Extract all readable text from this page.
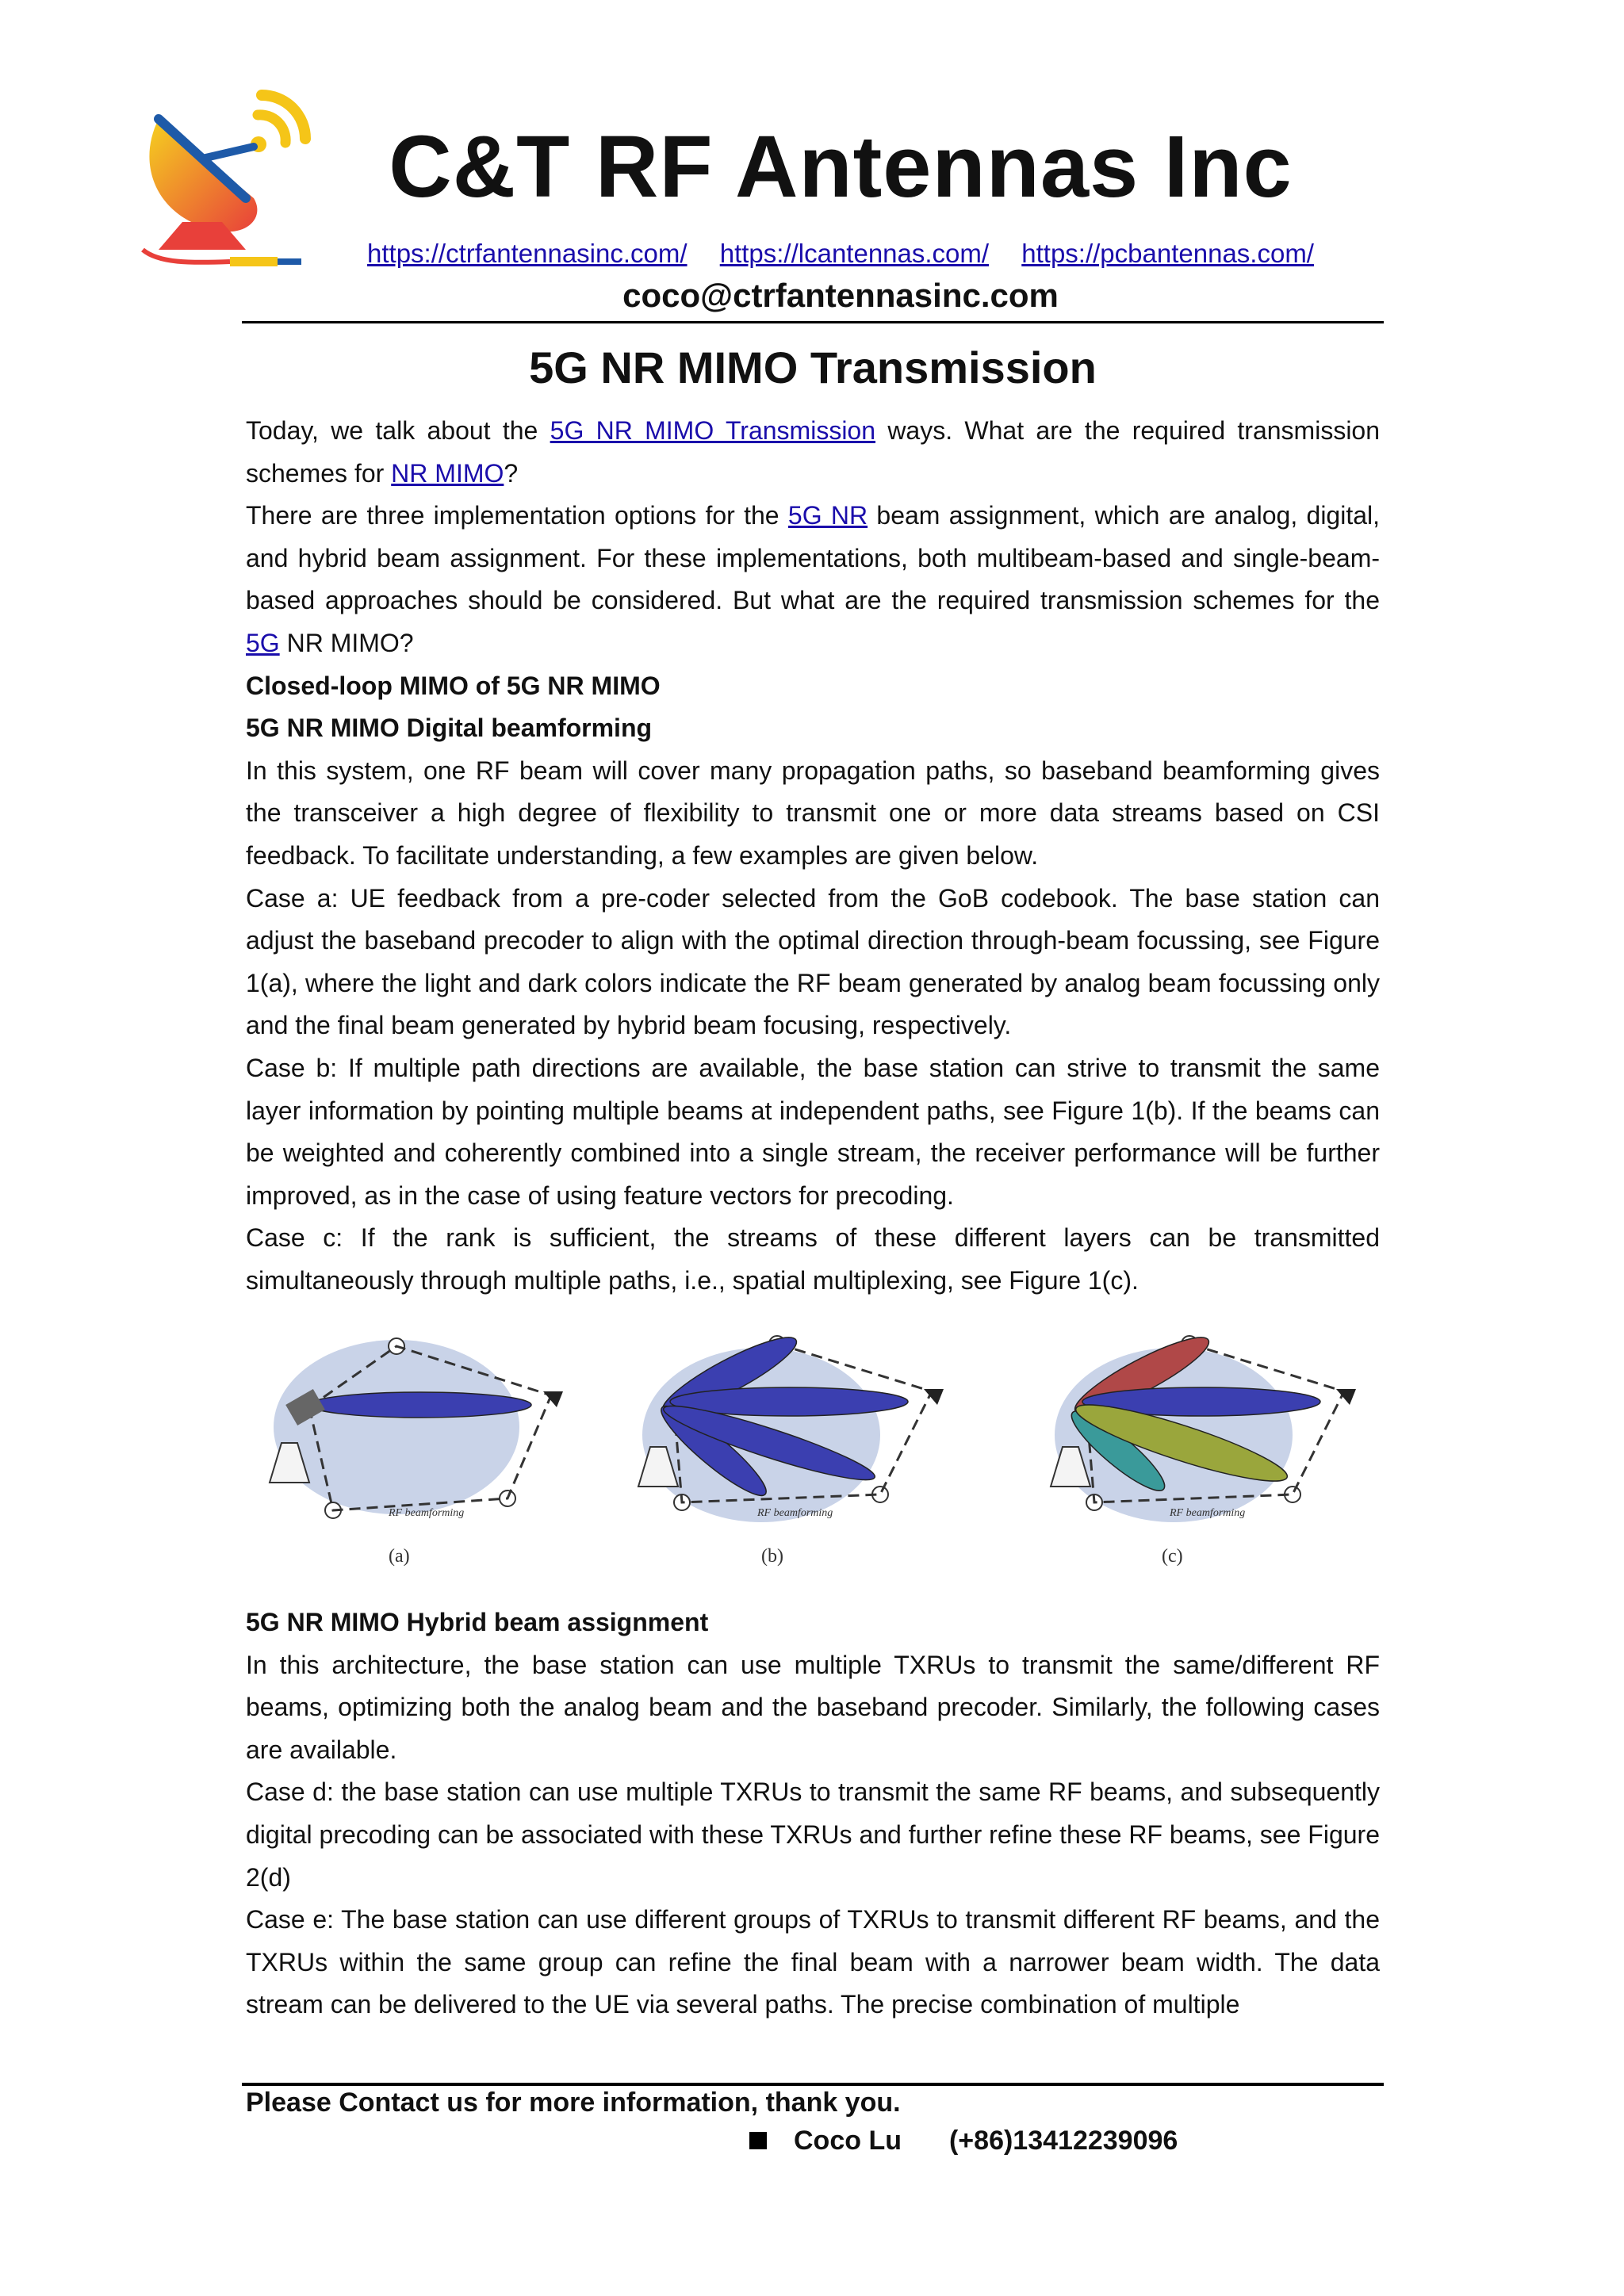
C&T RF Antennas Inc
https://ctrfantennasinc.com/ https://lcantennas.com/ https://pcbantennas.com/
coco@ctrfantennasinc.com
5G NR MIMO Transmission

Today, we talk about the 5G NR MIMO Transmission ways. What are the required transmission schemes for NR MIMO?

There are three implementation options for the 5G NR beam assignment, which are analog, digital, and hybrid beam assignment. For these implementations, both multibeam-based and single-beam-based approaches should be considered. But what are the required transmission schemes for the 5G NR MIMO?

Closed-loop MIMO of 5G NR MIMO

5G NR MIMO Digital beamforming

In this system, one RF beam will cover many propagation paths, so baseband beamforming gives the transceiver a high degree of flexibility to transmit one or more data streams based on CSI feedback. To facilitate understanding, a few examples are given below.

Case a: UE feedback from a pre-coder selected from the GoB codebook. The base station can adjust the baseband precoder to align with the optimal direction through-beam focussing, see Figure 1(a), where the light and dark colors indicate the RF beam generated by analog beam focussing only and the final beam generated by hybrid beam focusing, respectively.

Case b: If multiple path directions are available, the base station can strive to transmit the same layer information by pointing multiple beams at independent paths, see Figure 1(b). If the beams can be weighted and coherently combined into a single stream, the receiver performance will be further improved, as in the case of using feature vectors for precoding.

Case c: If the rank is sufficient, the streams of these different layers can be transmitted simultaneously through multiple paths, i.e., spatial multiplexing, see Figure 1(c).

RF beamforming
(a)
RF beamforming
(b)
RF beamforming
(c)

5G NR MIMO Hybrid beam assignment

In this architecture, the base station can use multiple TXRUs to transmit the same/different RF beams, optimizing both the analog beam and the baseband precoder. Similarly, the following cases are available.

Case d: the base station can use multiple TXRUs to transmit the same RF beams, and subsequently digital precoding can be associated with these TXRUs and further refine these RF beams, see Figure 2(d)

Case e: The base station can use different groups of TXRUs to transmit different RF beams, and the TXRUs within the same group can refine the final beam with a narrower beam width. The data stream can be delivered to the UE via several paths. The precise combination of multiple

Please Contact us for more information, thank you.
Coco Lu (+86)13412239096
